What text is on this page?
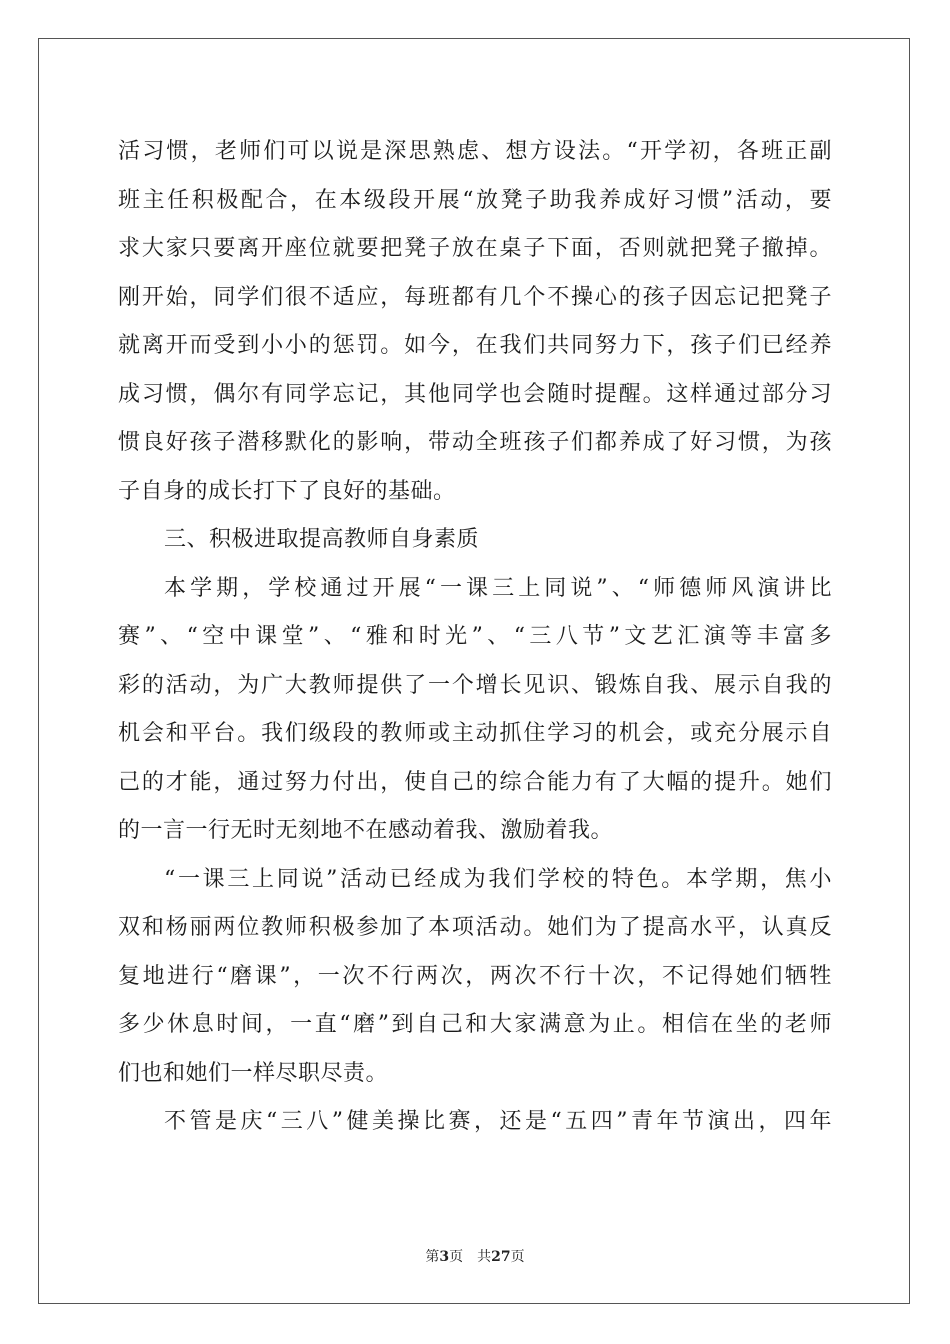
活习惯，老师们可以说是深思熟虑、想方设法。“开学初，各班正副
班主任积极配合，在本级段开展“放凳子助我养成好习惯”活动，要
求大家只要离开座位就要把凳子放在桌子下面，否则就把凳子撤掉。
刚开始，同学们很不适应，每班都有几个不操心的孩子因忘记把凳子
就离开而受到小小的惩罚。如今，在我们共同努力下，孩子们已经养
成习惯，偶尔有同学忘记，其他同学也会随时提醒。这样通过部分习
惯良好孩子潜移默化的影响，带动全班孩子们都养成了好习惯，为孩
子自身的成长打下了良好的基础。
三、积极进取提高教师自身素质
本学期，学校通过开展“一课三上同说”、“师德师风演讲比
赛”、“空中课堂”、“雅和时光”、“三八节”文艺汇演等丰富多
彩的活动，为广大教师提供了一个增长见识、锻炼自我、展示自我的
机会和平台。我们级段的教师或主动抓住学习的机会，或充分展示自
己的才能，通过努力付出，使自己的综合能力有了大幅的提升。她们
的一言一行无时无刻地不在感动着我、激励着我。
“一课三上同说”活动已经成为我们学校的特色。本学期，焦小
双和杨丽两位教师积极参加了本项活动。她们为了提高水平，认真反
复地进行“磨课”，一次不行两次，两次不行十次，不记得她们牺牲
多少休息时间，一直“磨”到自己和大家满意为止。相信在坐的老师
们也和她们一样尽职尽责。
不管是庆“三八”健美操比赛，还是“五四”青年节演出，四年
第3页 共27页
